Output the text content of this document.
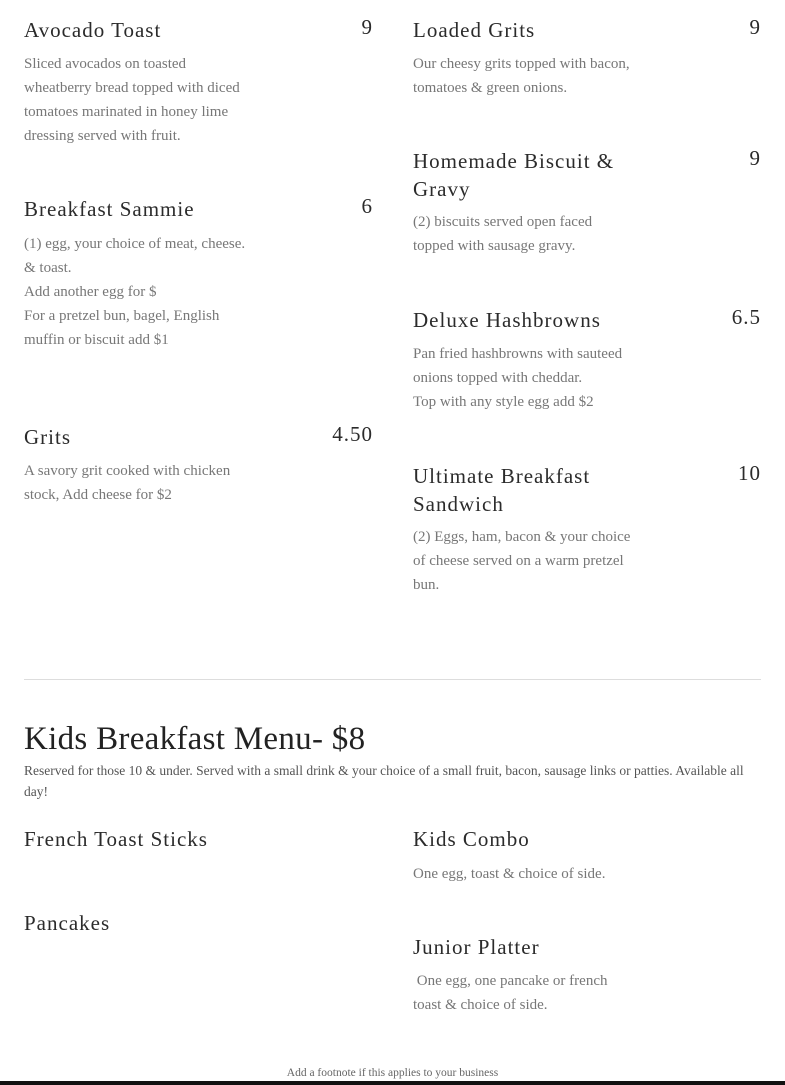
Avocado Toast	9
Sliced avocados on toasted
wheatberry bread topped with diced
tomatoes marinated in honey lime
dressing served with fruit.
Breakfast Sammie	6
(1) egg, your choice of meat, cheese.
& toast.
Add another egg for $
For a pretzel bun, bagel, English
muffin or biscuit add $1
Grits	4.50
A savory grit cooked with chicken
stock, Add cheese for $2
Loaded Grits	9
Our cheesy grits topped with bacon,
tomatoes & green onions.
Homemade Biscuit & Gravy
9
(2) biscuits served open faced
topped with sausage gravy.
Deluxe Hashbrowns	6.5
Pan fried hashbrowns with sauteed
onions topped with cheddar.
Top with any style egg add $2
Ultimate Breakfast Sandwich
10
(2) Eggs, ham, bacon & your choice
of cheese served on a warm pretzel
bun.
Kids Breakfast Menu- $8
Reserved for those 10 & under. Served with a small drink & your choice of a small fruit, bacon, sausage links or patties. Available all day!
French Toast Sticks
Pancakes
Kids Combo
One egg, toast & choice of side.
Junior Platter
One egg, one pancake or french
toast & choice of side.
Add a footnote if this applies to your business
